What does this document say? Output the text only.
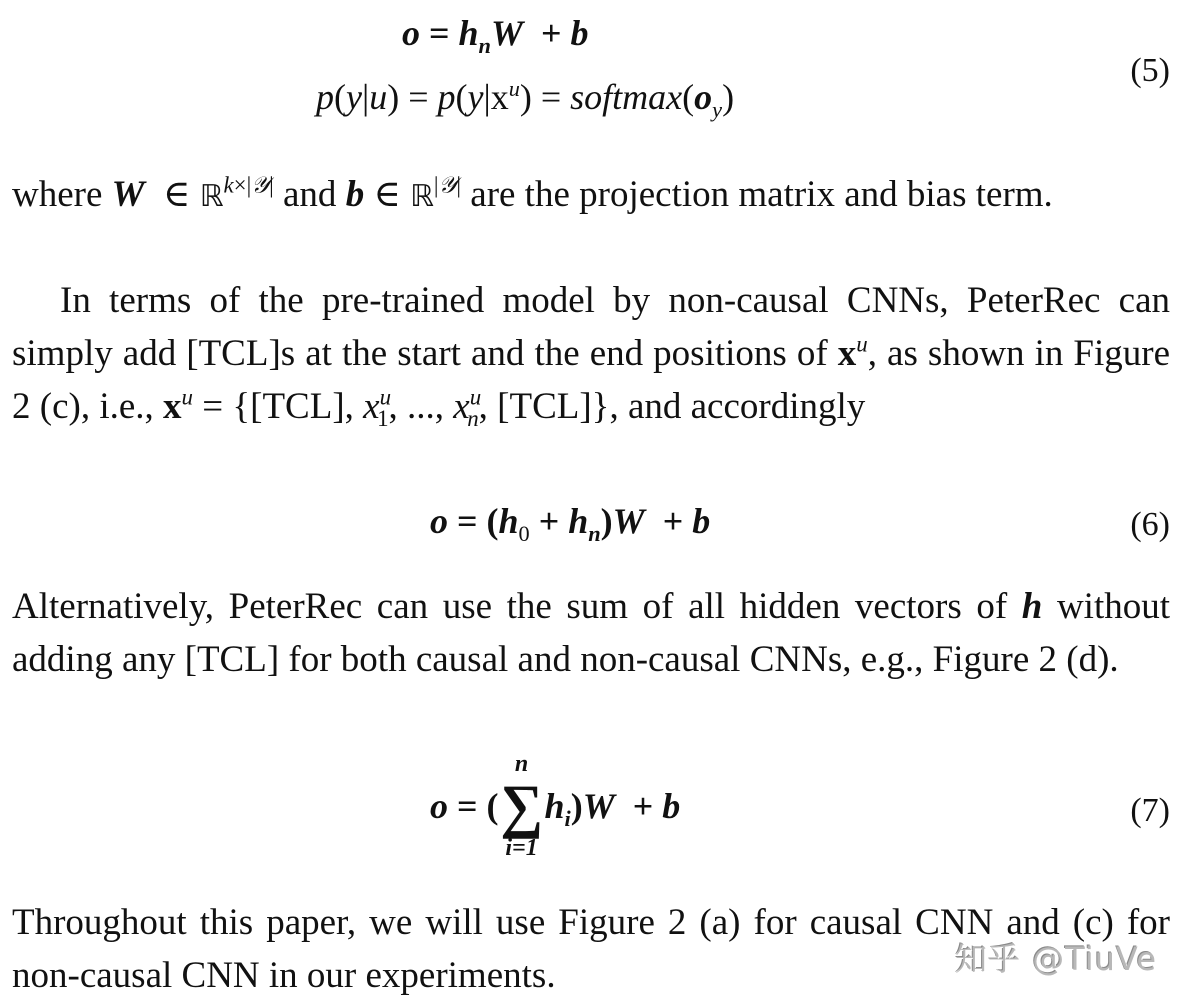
$o = h_nW + b$
$p(y|u) = p(y|x^u)$ = $softmax(o_y)$
(5)
where W  ∈ ℝ$^{k\times|𝒴|}$ and b ∈ ℝ$^{|𝒴|}$ are the projection matrix and bias term.
In terms of the pre-trained model by non-causal CNNs, PeterRec can simply add [TCL]s at the start and the end positions of $x^u$, as shown in Figure 2 (c), i.e., $x^u = \{[TCL]$, $x^u_1$, ..., $x^u_n$, [TCL]}, and accordingly
$o = (h_0 + h_n)W + b$	(6)
Alternatively, PeterRec can use the sum of all hidden vectors of h without adding any [TCL] for both causal and non-causal CNNs, e.g., Figure 2 (d).
o = (
n
∑
i=1
$h_i)W + b$	(7)
Throughout this paper, we will use Figure 2 (a) for causal CNN and (c) for non-causal CNN in our experiments.	知乎 @TiuVe
